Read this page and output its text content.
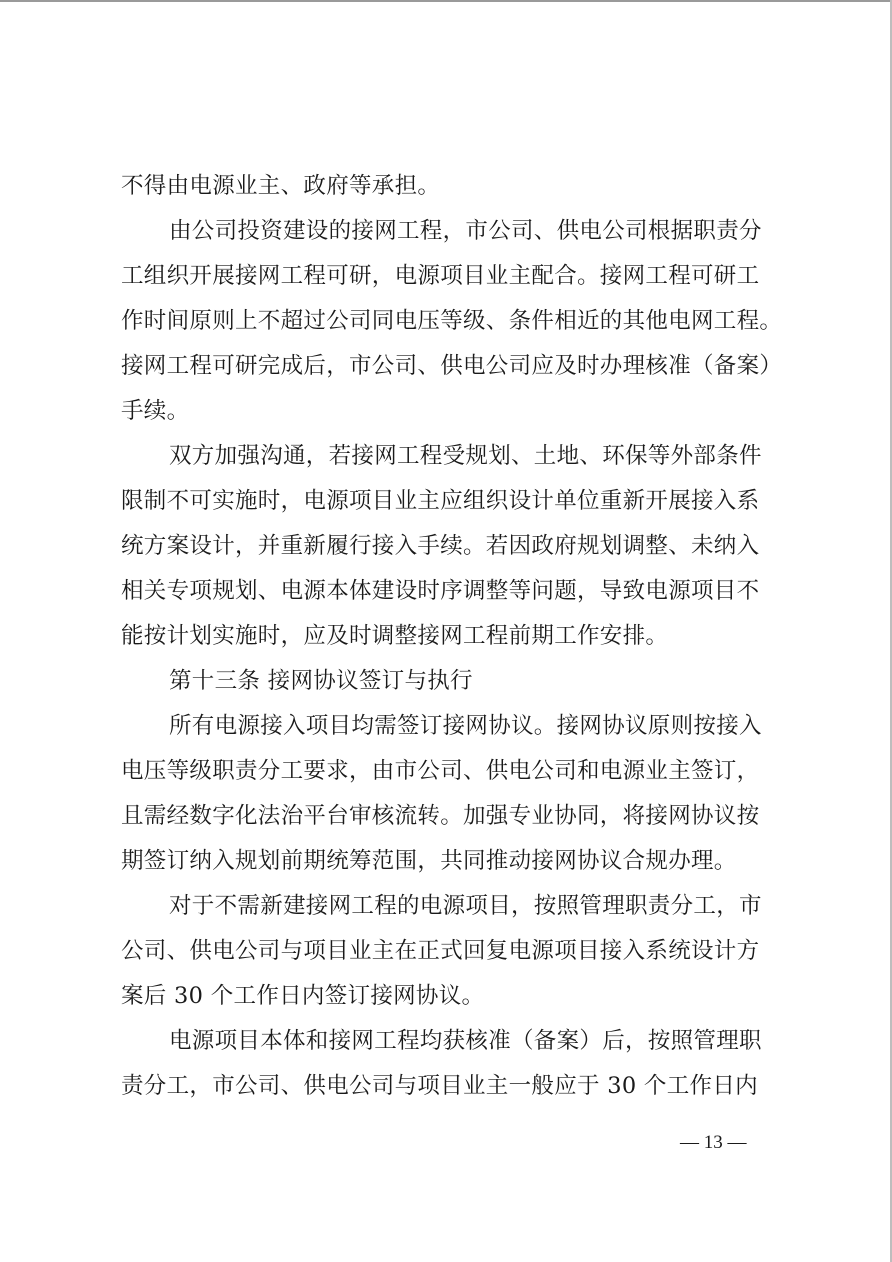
不得由电源业主、政府等承担。
由公司投资建设的接网工程，市公司、供电公司根据职责分
工组织开展接网工程可研，电源项目业主配合。接网工程可研工
作时间原则上不超过公司同电压等级、条件相近的其他电网工程。
接网工程可研完成后，市公司、供电公司应及时办理核准（备案）
手续。
双方加强沟通，若接网工程受规划、土地、环保等外部条件
限制不可实施时，电源项目业主应组织设计单位重新开展接入系
统方案设计，并重新履行接入手续。若因政府规划调整、未纳入
相关专项规划、电源本体建设时序调整等问题，导致电源项目不
能按计划实施时，应及时调整接网工程前期工作安排。
第十三条 接网协议签订与执行
所有电源接入项目均需签订接网协议。接网协议原则按接入
电压等级职责分工要求，由市公司、供电公司和电源业主签订，
且需经数字化法治平台审核流转。加强专业协同，将接网协议按
期签订纳入规划前期统筹范围，共同推动接网协议合规办理。
对于不需新建接网工程的电源项目，按照管理职责分工，市
公司、供电公司与项目业主在正式回复电源项目接入系统设计方
案后 30 个工作日内签订接网协议。
电源项目本体和接网工程均获核准（备案）后，按照管理职
责分工，市公司、供电公司与项目业主一般应于 30 个工作日内
— 13 —
